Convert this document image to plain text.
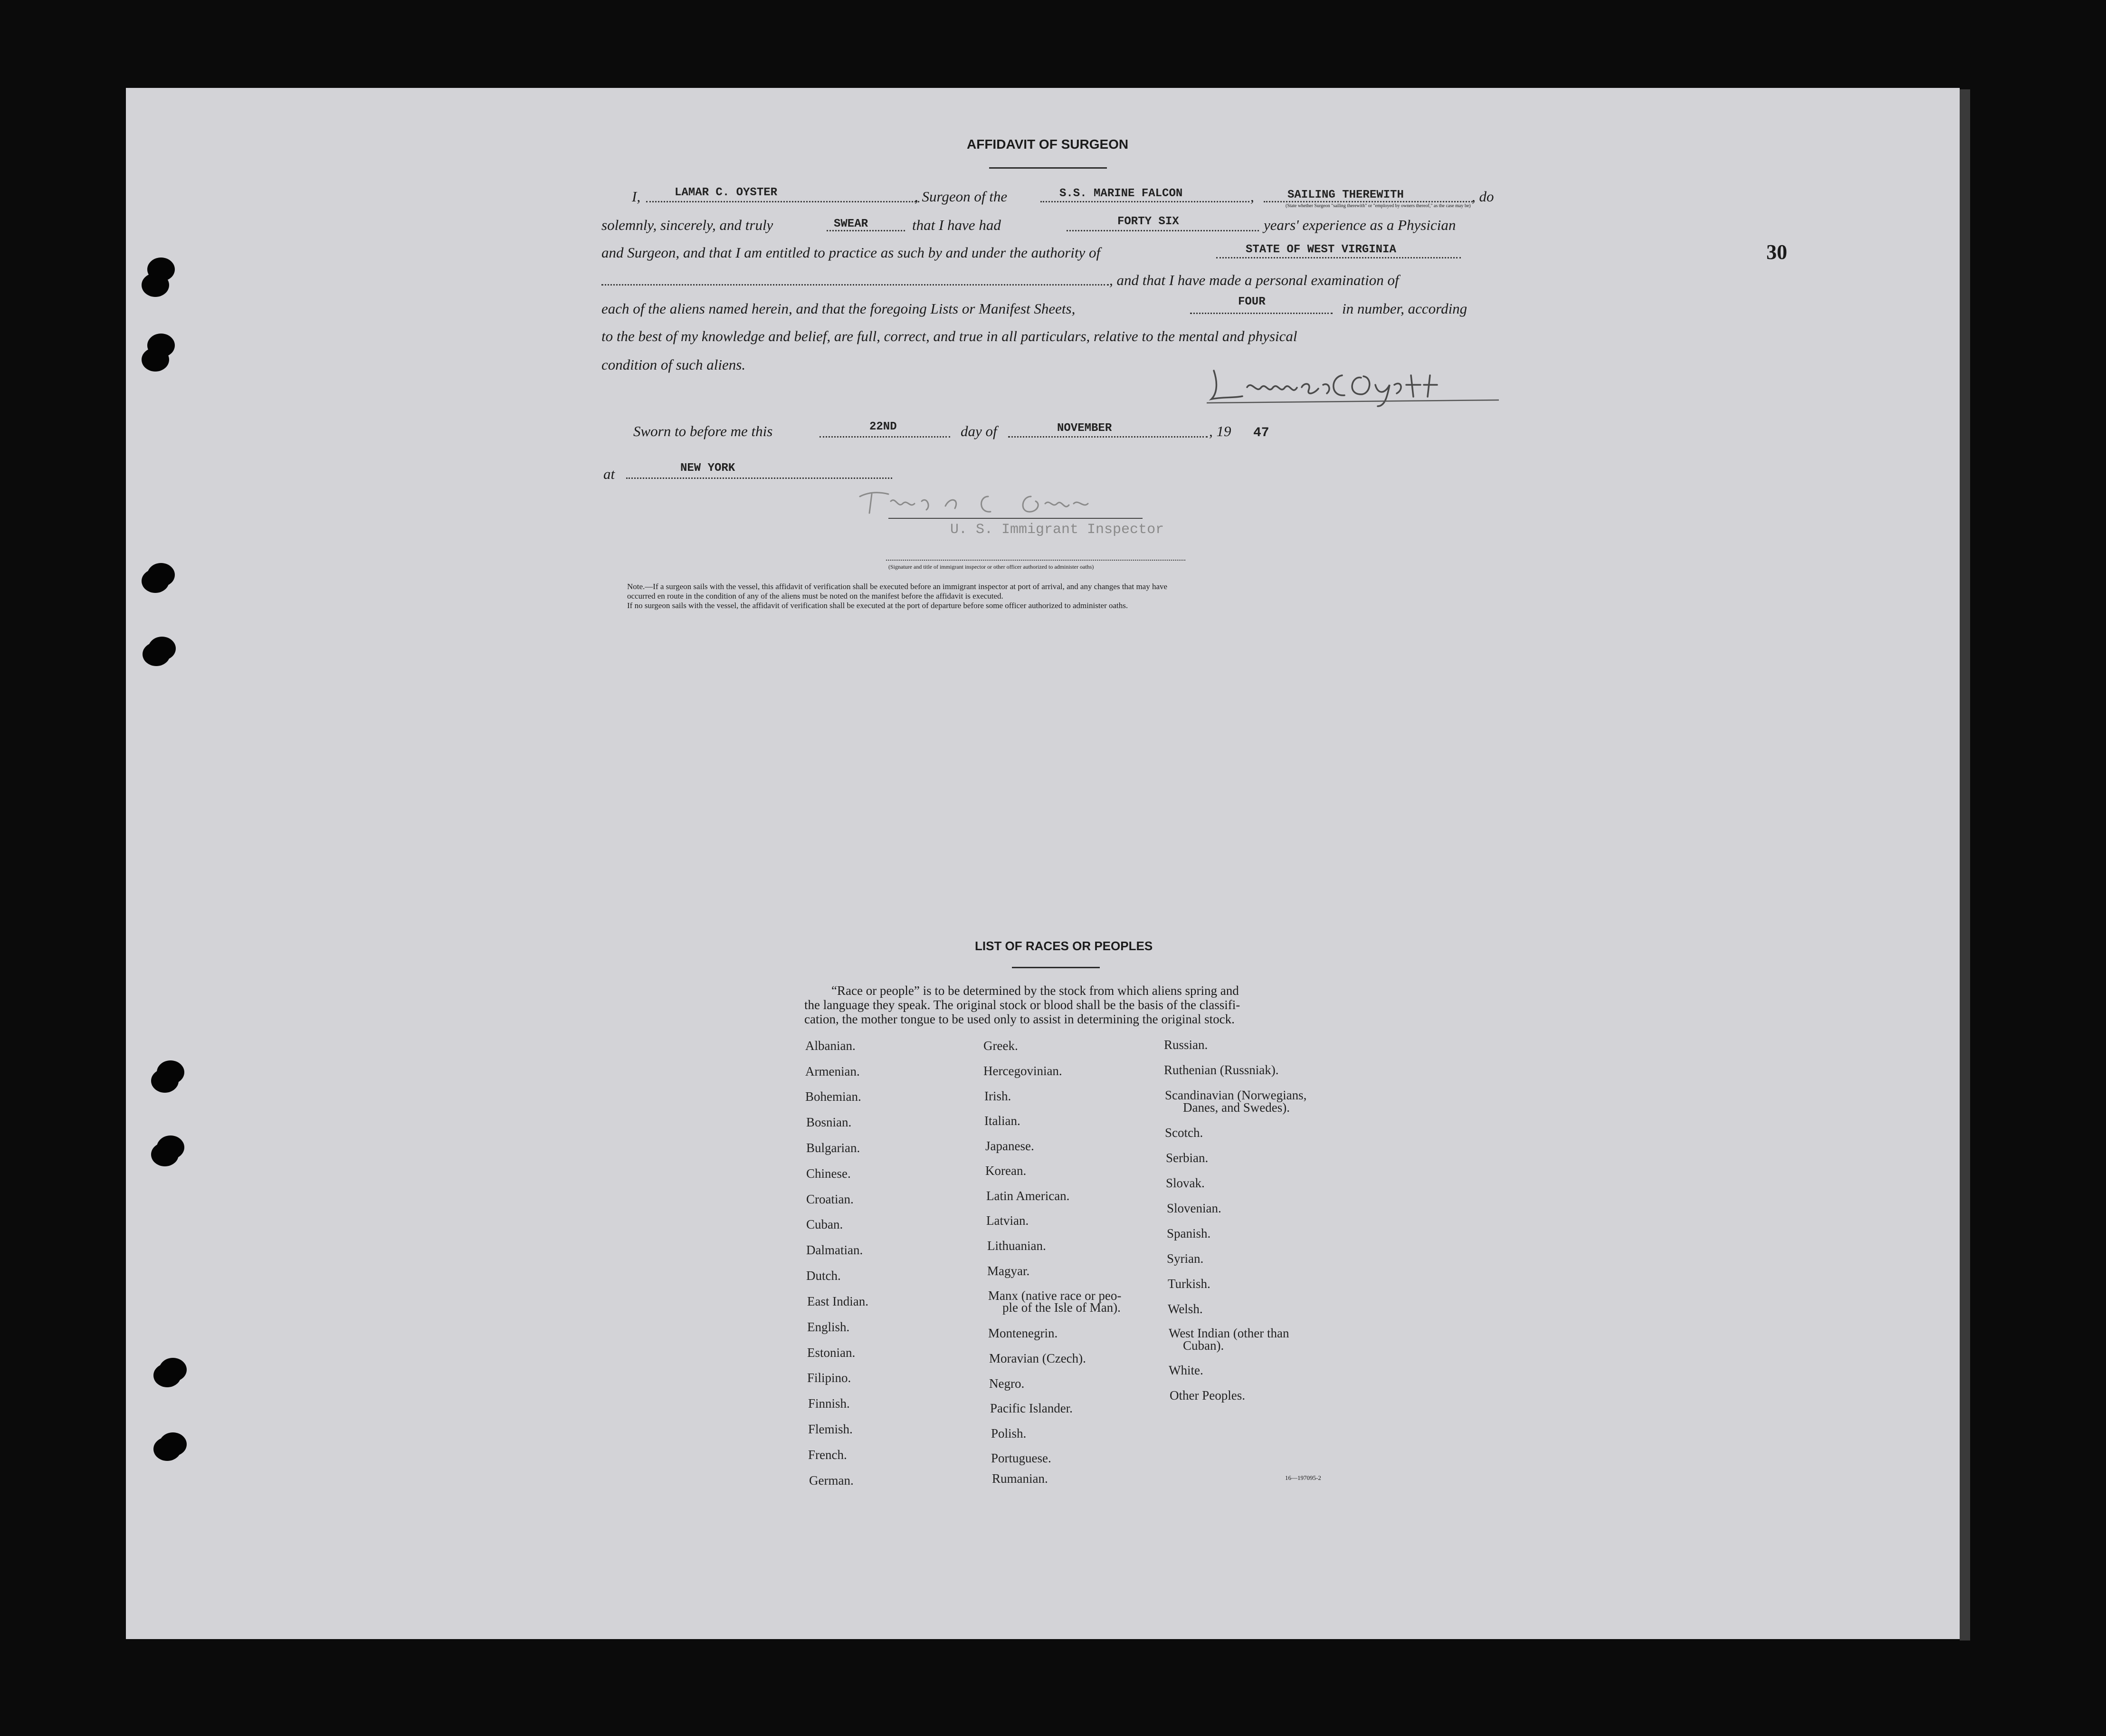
30
AFFIDAVIT OF SURGEON
I,	LAMAR C. OYSTER	, Surgeon of the	S.S. MARINE FALCON	,	SAILING THEREWITH
(State whether Surgeon "sailing therewith" or "employed by owners thereof," as the case may be)
, do
solemnly, sincerely, and truly	SWEAR	that I have had	FORTY SIX	years' experience as a Physician
and Surgeon, and that I am entitled to practice as such by and under the authority of	STATE OF WEST VIRGINIA
, and that I have made a personal examination of
each of the aliens named herein, and that the foregoing Lists or Manifest Sheets,	FOUR	in number, according
to the best of my knowledge and belief, are full, correct, and true in all particulars, relative to the mental and physical
condition of such aliens.
Sworn to before me this	22ND	day of	NOVEMBER	, 19 47
at	NEW YORK
U. S. Immigrant Inspector
(Signature and title of immigrant inspector or other officer authorized to administer oaths)
Note.—If a surgeon sails with the vessel, this affidavit of verification shall be executed before an immigrant inspector at port of arrival, and any changes that may have
occurred en route in the condition of any of the aliens must be noted on the manifest before the affidavit is executed.
If no surgeon sails with the vessel, the affidavit of verification shall be executed at the port of departure before some officer authorized to administer oaths.
LIST OF RACES OR PEOPLES
“Race or people” is to be determined by the stock from which aliens spring and
the language they speak. The original stock or blood shall be the basis of the classifi-
cation, the mother tongue to be used only to assist in determining the original stock.
Albanian.
Armenian.
Bohemian.
Bosnian.
Bulgarian.
Chinese.
Croatian.
Cuban.
Dalmatian.
Dutch.
East Indian.
English.
Estonian.
Filipino.
Finnish.
Flemish.
French.
German.
Greek.
Hercegovinian.
Irish.
Italian.
Japanese.
Korean.
Latin American.
Latvian.
Lithuanian.
Magyar.
Manx (native race or peo-
ple of the Isle of Man).
Montenegrin.
Moravian (Czech).
Negro.
Pacific Islander.
Polish.
Portuguese.
Rumanian.
Russian.
Ruthenian (Russniak).
Scandinavian (Norwegians,
Danes, and Swedes).
Scotch.
Serbian.
Slovak.
Slovenian.
Spanish.
Syrian.
Turkish.
Welsh.
West Indian (other than
Cuban).
White.
Other Peoples.
16—197095-2
